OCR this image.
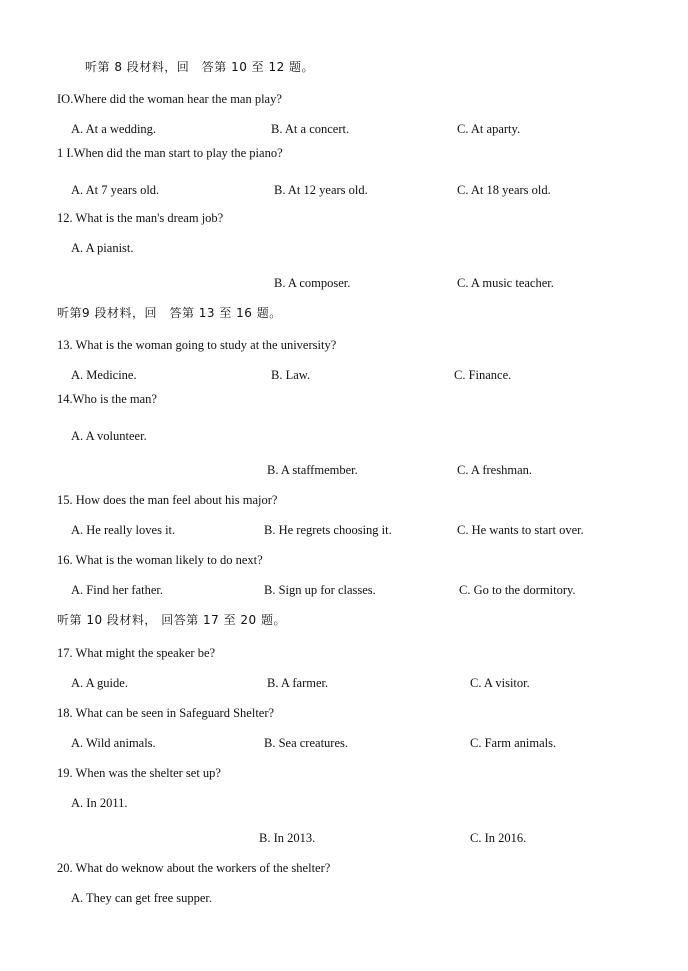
听第 8 段材料，回　答第 10 至 12 题。
IO.Where did the woman hear the man play?
A. At a wedding.	B. At a concert.	C. At aparty.
1 I.When did the man start to play the piano?
A. At 7 years old.	B. At 12 years old.	C. At 18 years old.
12. What is the man's dream job?
A. A pianist.
B. A composer.	C. A music teacher.
听第9 段材料，回　答第 13 至 16 题。
13. What is the woman going to study at the university?
A. Medicine.	B. Law.	C. Finance.
14.Who is the man?
A. A volunteer.
B. A staffmember.	C. A freshman.
15. How does the man feel about his major?
A. He really loves it.	B. He regrets choosing it.	C. He wants to start over.
16. What is the woman likely to do next?
A. Find her father.	B. Sign up for classes.	C. Go to the dormitory.
听第 10 段材料， 回答第 17 至 20 题。
17. What might the speaker be?
A. A guide.	B. A farmer.	C. A visitor.
18. What can be seen in Safeguard Shelter?
A. Wild animals.	B. Sea creatures.	C. Farm animals.
19. When was the shelter set up?
A. In 2011.
B. In 2013.	C. In 2016.
20. What do weknow about the workers of the shelter?
A. They can get free supper.
